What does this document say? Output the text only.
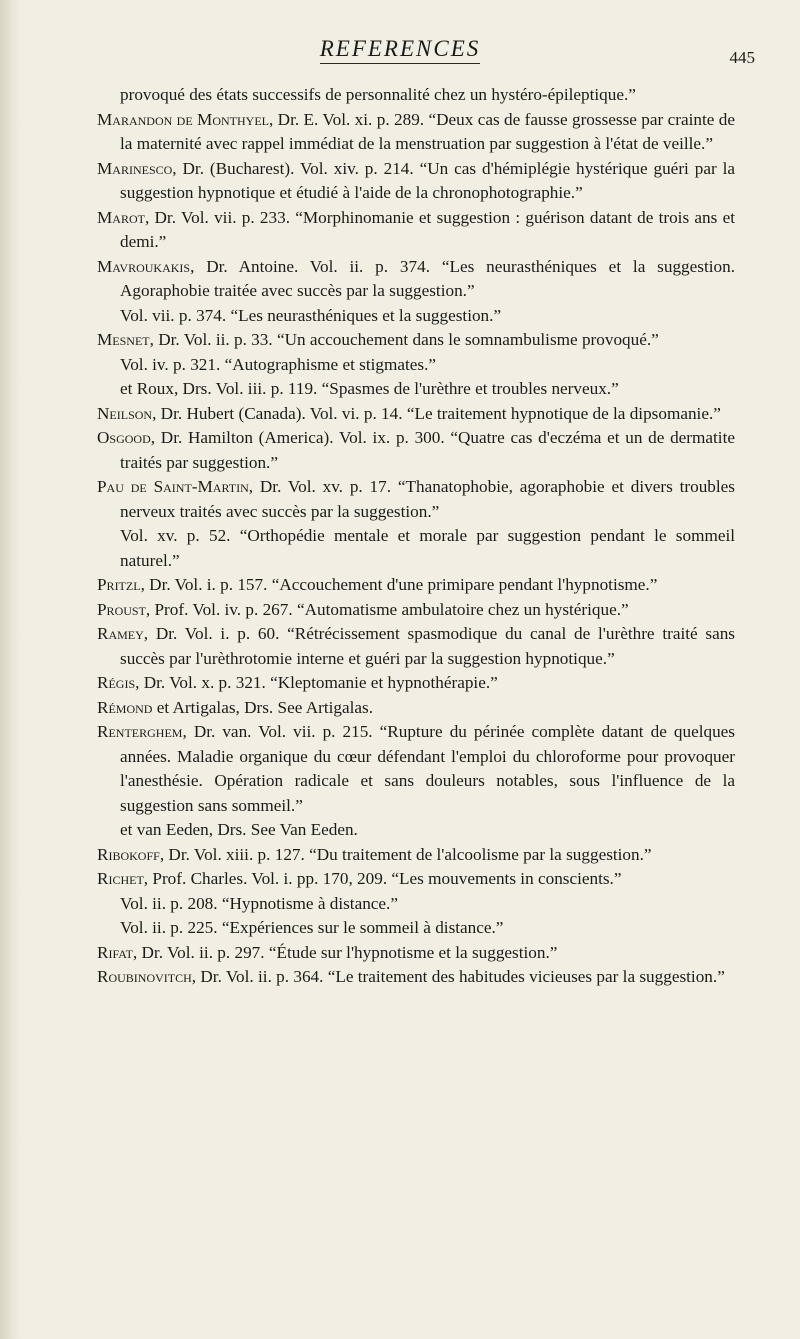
REFERENCES	445

provoqué des états successifs de personnalité chez un hystéro-épileptique.”

Marandon de Monthyel, Dr. E. Vol. xi. p. 289. “Deux cas de fausse grossesse par crainte de la maternité avec rappel immédiat de la menstruation par suggestion à l'état de veille.”

Marinesco, Dr. (Bucharest). Vol. xiv. p. 214. “Un cas d'hémiplégie hystérique guéri par la suggestion hypnotique et étudié à l'aide de la chronophotographie.”

Marot, Dr. Vol. vii. p. 233. “Morphinomanie et suggestion : guérison datant de trois ans et demi.”

Mavroukakis, Dr. Antoine. Vol. ii. p. 374. “Les neurasthéniques et la suggestion. Agoraphobie traitée avec succès par la suggestion.”

Vol. vii. p. 374. “Les neurasthéniques et la suggestion.”

Mesnet, Dr. Vol. ii. p. 33. “Un accouchement dans le somnambulisme provoqué.”

Vol. iv. p. 321. “Autographisme et stigmates.”

et Roux, Drs. Vol. iii. p. 119. “Spasmes de l'urèthre et troubles nerveux.”

Neilson, Dr. Hubert (Canada). Vol. vi. p. 14. “Le traitement hypnotique de la dipsomanie.”

Osgood, Dr. Hamilton (America). Vol. ix. p. 300. “Quatre cas d'eczéma et un de dermatite traités par suggestion.”

Pau de Saint-Martin, Dr. Vol. xv. p. 17. “Thanatophobie, agoraphobie et divers troubles nerveux traités avec succès par la suggestion.”

Vol. xv. p. 52. “Orthopédie mentale et morale par suggestion pendant le sommeil naturel.”

Pritzl, Dr. Vol. i. p. 157. “Accouchement d'une primipare pendant l'hypnotisme.”

Proust, Prof. Vol. iv. p. 267. “Automatisme ambulatoire chez un hystérique.”

Ramey, Dr. Vol. i. p. 60. “Rétrécissement spasmodique du canal de l'urèthre traité sans succès par l'urèthrotomie interne et guéri par la suggestion hypnotique.”

Régis, Dr. Vol. x. p. 321. “Kleptomanie et hypnothérapie.”

Rémond et Artigalas, Drs. See Artigalas.

Renterghem, Dr. van. Vol. vii. p. 215. “Rupture du périnée complète datant de quelques années. Maladie organique du cœur défendant l'emploi du chloroforme pour provoquer l'anesthésie. Opération radicale et sans douleurs notables, sous l'influence de la suggestion sans sommeil.”

et van Eeden, Drs. See Van Eeden.

Ribokoff, Dr. Vol. xiii. p. 127. “Du traitement de l'alcoolisme par la suggestion.”

Richet, Prof. Charles. Vol. i. pp. 170, 209. “Les mouvements in conscients.”

Vol. ii. p. 208. “Hypnotisme à distance.”

Vol. ii. p. 225. “Expériences sur le sommeil à distance.”

Rifat, Dr. Vol. ii. p. 297. “Étude sur l'hypnotisme et la suggestion.”

Roubinovitch, Dr. Vol. ii. p. 364. “Le traitement des habitudes vicieuses par la suggestion.”
